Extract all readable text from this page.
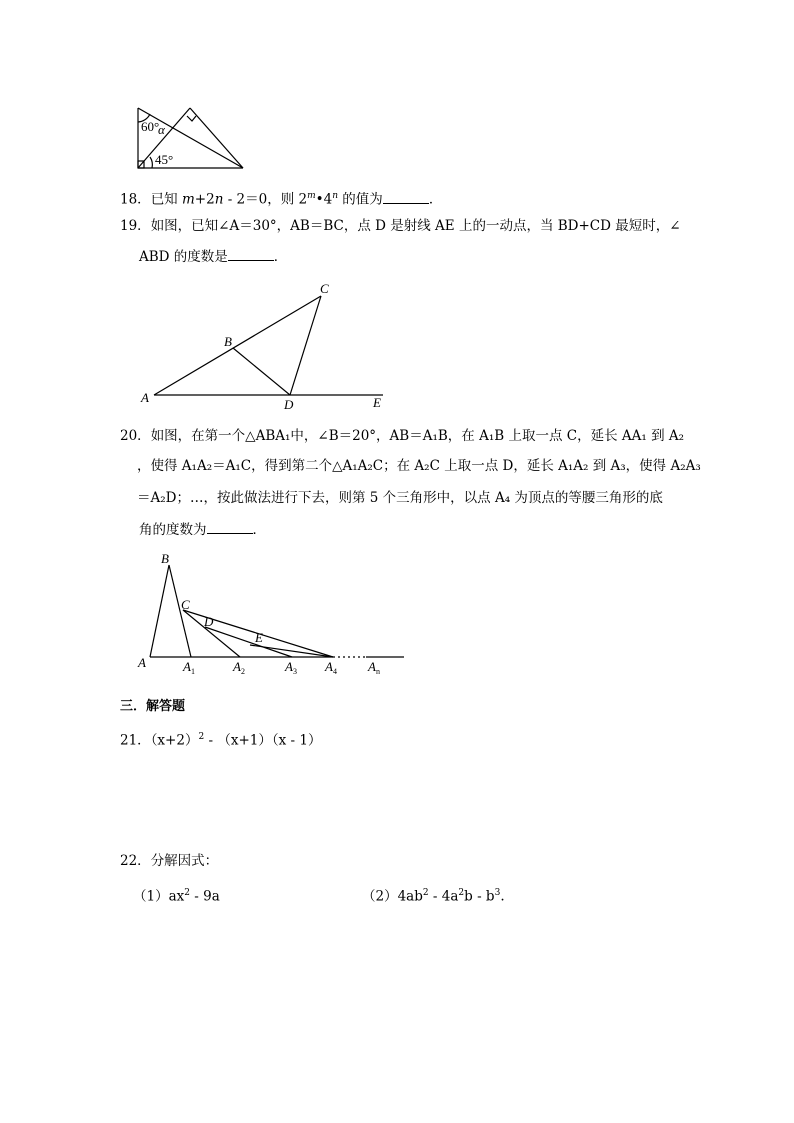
60°
α
45°
18．已知 m+2n - 2＝0，则 2$^m$•4$^n$ 的值为	．
19．如图，已知∠A＝30°，AB＝BC，点 D 是射线 AE 上的一动点，当 BD+CD 最短时，∠
ABD 的度数是	．
C
B
A	D	E
20．如图，在第一个△ABA₁中，∠B＝20°，AB＝A₁B，在 A₁B 上取一点 C，延长 AA₁ 到 A₂
，使得 A₁A₂＝A₁C，得到第二个△A₁A₂C；在 A₂C 上取一点 D，延长 A₁A₂ 到 A₃，使得 A₂A₃
＝A₂D；…，按此做法进行下去，则第 5 个三角形中，以点 A₄ 为顶点的等腰三角形的底
角的度数为	．
B
C
D
E
A	$A_1$	$A_2$	$A_3$ $A_4$ $A_n$
三．解答题
21．$(x+2)^2 - (x+1)(x - 1)$
22．分解因式：
$(1)ax^2 - 9a$	$(2)4ab^2 - 4a^2b - b^3$.
